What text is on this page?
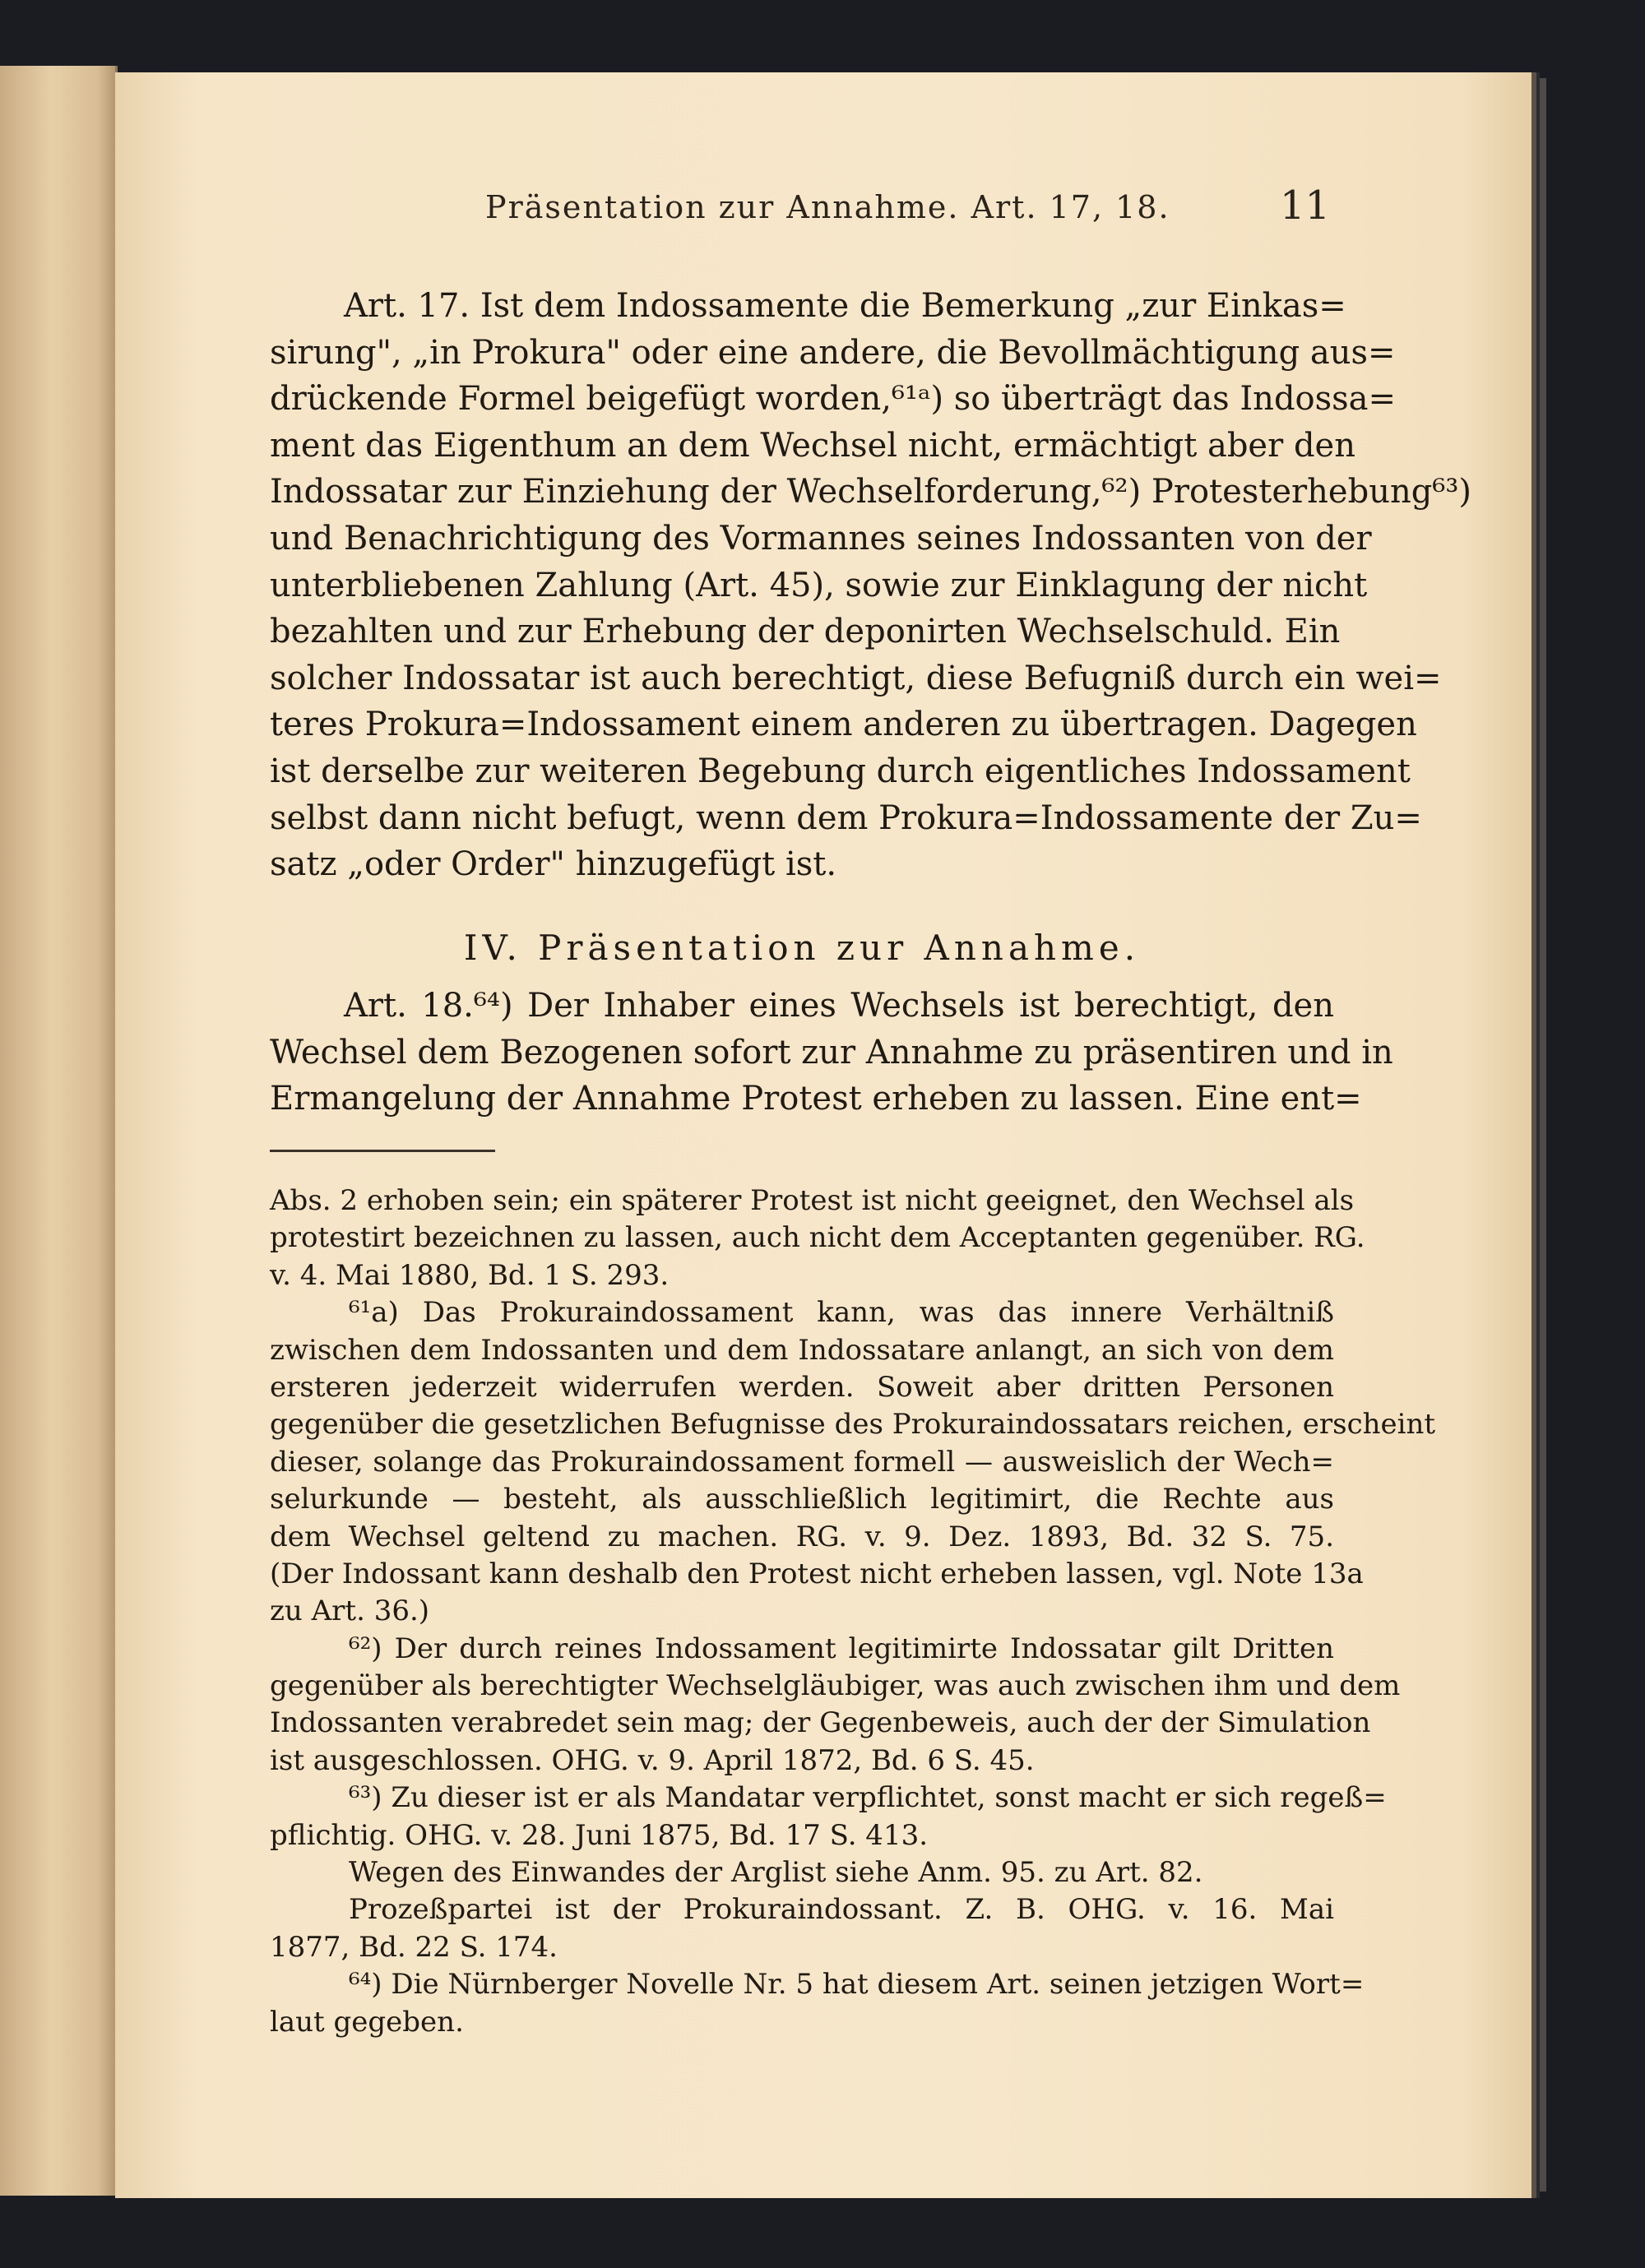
Präsentation zur Annahme. Art. 17, 18.	11
Art. 17. Ist dem Indossamente die Bemerkung „zur Einkas=
sirung", „in Prokura" oder eine andere, die Bevollmächtigung aus=
drückende Formel beigefügt worden,⁶¹ᵃ) so überträgt das Indossa=
ment das Eigenthum an dem Wechsel nicht, ermächtigt aber den
Indossatar zur Einziehung der Wechselforderung,⁶²) Protesterhebung⁶³)
und Benachrichtigung des Vormannes seines Indossanten von der
unterbliebenen Zahlung (Art. 45), sowie zur Einklagung der nicht
bezahlten und zur Erhebung der deponirten Wechselschuld. Ein
solcher Indossatar ist auch berechtigt, diese Befugniß durch ein wei=
teres Prokura=Indossament einem anderen zu übertragen. Dagegen
ist derselbe zur weiteren Begebung durch eigentliches Indossament
selbst dann nicht befugt, wenn dem Prokura=Indossamente der Zu=
satz „oder Order" hinzugefügt ist.
IV. Präsentation zur Annahme.
Art. 18.⁶⁴) Der Inhaber eines Wechsels ist berechtigt, den
Wechsel dem Bezogenen sofort zur Annahme zu präsentiren und in
Ermangelung der Annahme Protest erheben zu lassen. Eine ent=
Abs. 2 erhoben sein; ein späterer Protest ist nicht geeignet, den Wechsel als
protestirt bezeichnen zu lassen, auch nicht dem Acceptanten gegenüber. RG.
v. 4. Mai 1880, Bd. 1 S. 293.
⁶¹a) Das Prokuraindossament kann, was das innere Verhältniß
zwischen dem Indossanten und dem Indossatare anlangt, an sich von dem
ersteren jederzeit widerrufen werden. Soweit aber dritten Personen
gegenüber die gesetzlichen Befugnisse des Prokuraindossatars reichen, erscheint
dieser, solange das Prokuraindossament formell — ausweislich der Wech=
selurkunde — besteht, als ausschließlich legitimirt, die Rechte aus
dem Wechsel geltend zu machen. RG. v. 9. Dez. 1893, Bd. 32 S. 75.
(Der Indossant kann deshalb den Protest nicht erheben lassen, vgl. Note 13a
zu Art. 36.)
⁶²) Der durch reines Indossament legitimirte Indossatar gilt Dritten
gegenüber als berechtigter Wechselgläubiger, was auch zwischen ihm und dem
Indossanten verabredet sein mag; der Gegenbeweis, auch der der Simulation
ist ausgeschlossen. OHG. v. 9. April 1872, Bd. 6 S. 45.
⁶³) Zu dieser ist er als Mandatar verpflichtet, sonst macht er sich regeß=
pflichtig. OHG. v. 28. Juni 1875, Bd. 17 S. 413.
Wegen des Einwandes der Arglist siehe Anm. 95. zu Art. 82.
Prozeßpartei ist der Prokuraindossant. Z. B. OHG. v. 16. Mai
1877, Bd. 22 S. 174.
⁶⁴) Die Nürnberger Novelle Nr. 5 hat diesem Art. seinen jetzigen Wort=
laut gegeben.
